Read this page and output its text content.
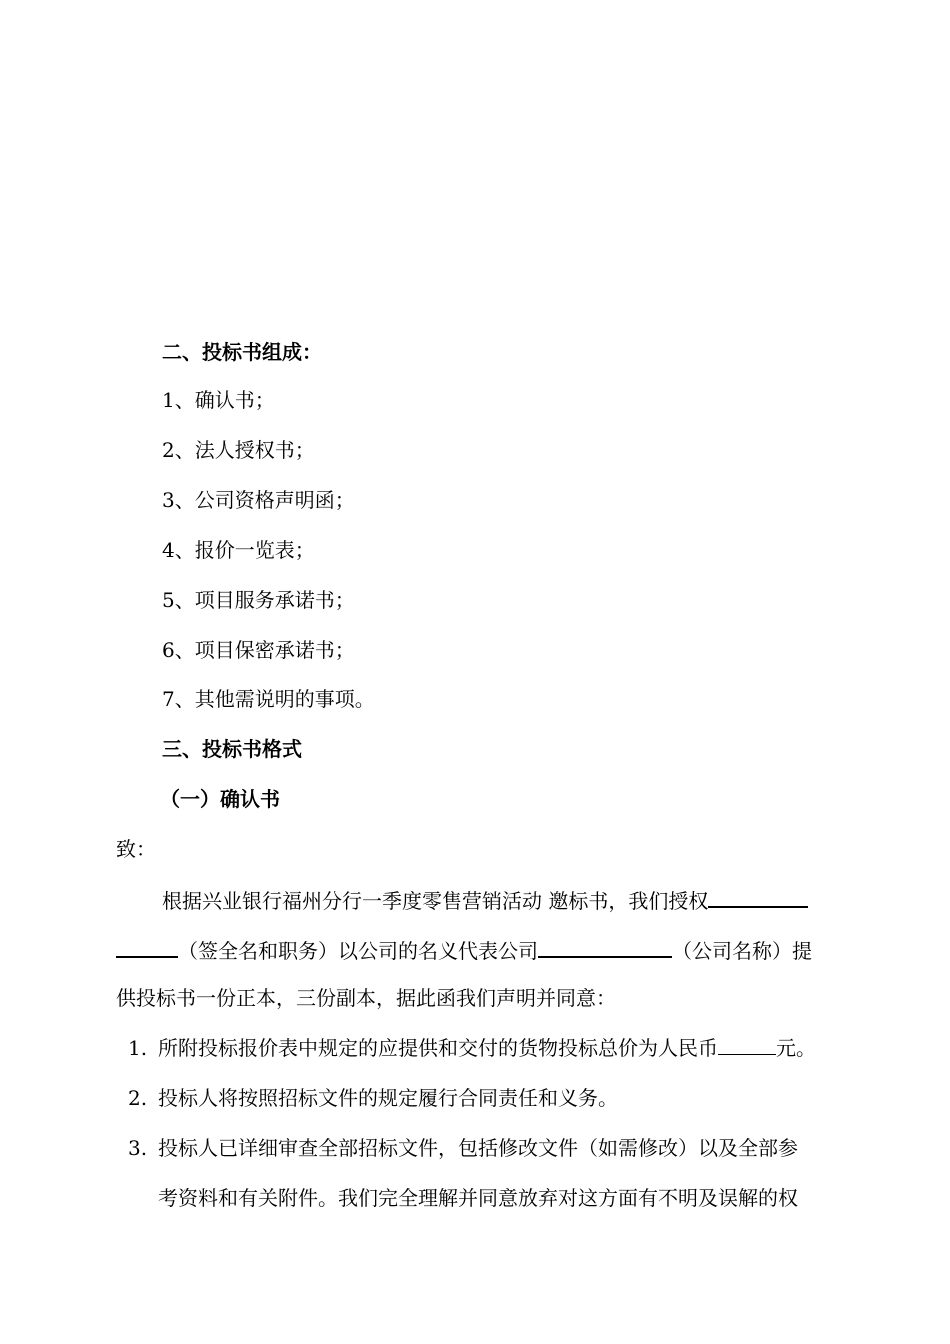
二、投标书组成：
1、确认书；
2、法人授权书；
3、公司资格声明函；
4、报价一览表；
5、项目服务承诺书；
6、项目保密承诺书；
7、其他需说明的事项。
三、投标书格式
（一）确认书
致：
根据兴业银行福州分行一季度零售营销活动 邀标书，我们授权
（签全名和职务）以公司的名义代表公司	（公司名称）提
供投标书一份正本，三份副本，据此函我们声明并同意：
1. 所附投标报价表中规定的应提供和交付的货物投标总价为人民币	元。
2. 投标人将按照招标文件的规定履行合同责任和义务。
3. 投标人已详细审查全部招标文件，包括修改文件（如需修改）以及全部参
考资料和有关附件。我们完全理解并同意放弃对这方面有不明及误解的权
